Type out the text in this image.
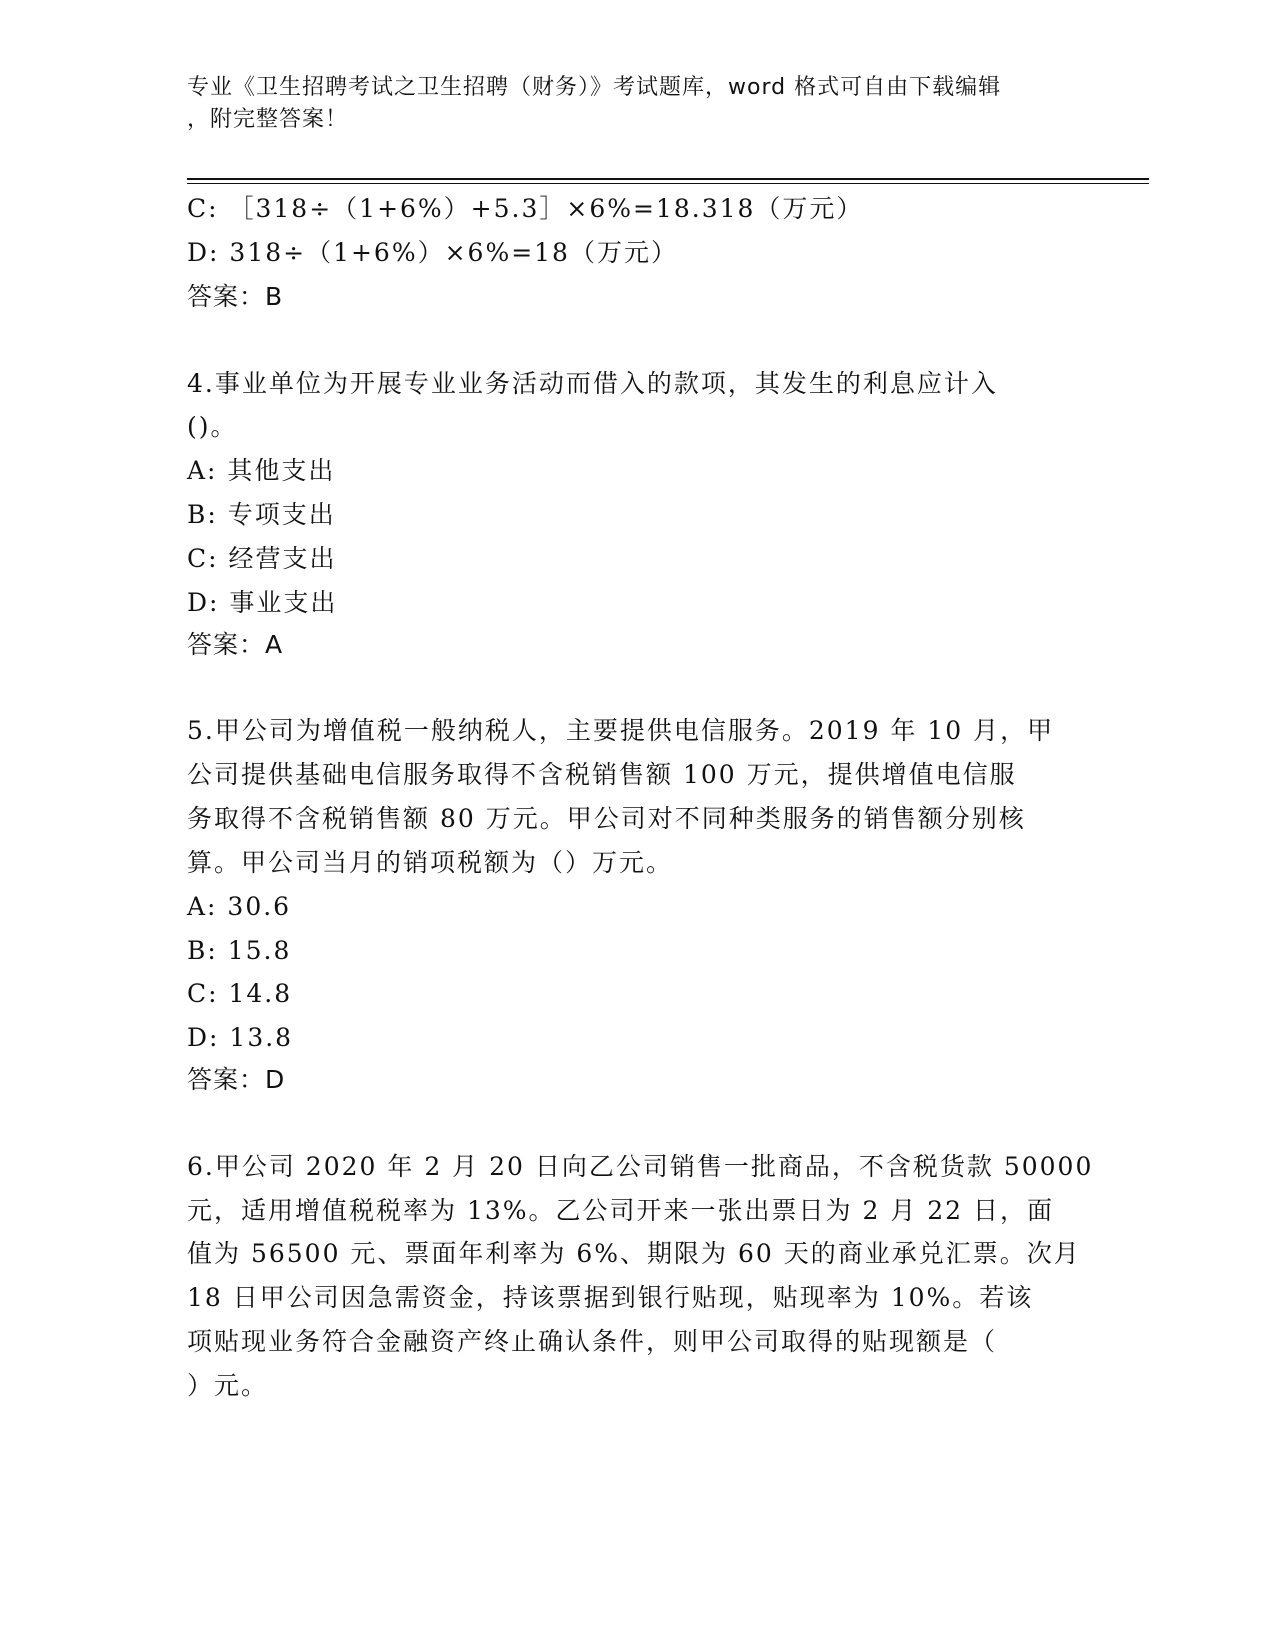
专业《卫生招聘考试之卫生招聘（财务）》考试题库，word 格式可自由下载编辑
，附完整答案！
C: ［318÷（1+6%）+5.3］×6%=18.318（万元）
D: 318÷（1+6%）×6%=18（万元）
答案：B
4.事业单位为开展专业业务活动而借入的款项，其发生的利息应计入
()。
A: 其他支出
B: 专项支出
C: 经营支出
D: 事业支出
答案：A
5.甲公司为增值税一般纳税人，主要提供电信服务。2019 年 10 月，甲
公司提供基础电信服务取得不含税销售额 100 万元，提供增值电信服
务取得不含税销售额 80 万元。甲公司对不同种类服务的销售额分别核
算。甲公司当月的销项税额为（）万元。
A: 30.6
B: 15.8
C: 14.8
D: 13.8
答案：D
6.甲公司 2020 年 2 月 20 日向乙公司销售一批商品，不含税货款 50000
元，适用增值税税率为 13%。乙公司开来一张出票日为 2 月 22 日，面
值为 56500 元、票面年利率为 6%、期限为 60 天的商业承兑汇票。次月
18 日甲公司因急需资金，持该票据到银行贴现，贴现率为 10%。若该
项贴现业务符合金融资产终止确认条件，则甲公司取得的贴现额是（
）元。
